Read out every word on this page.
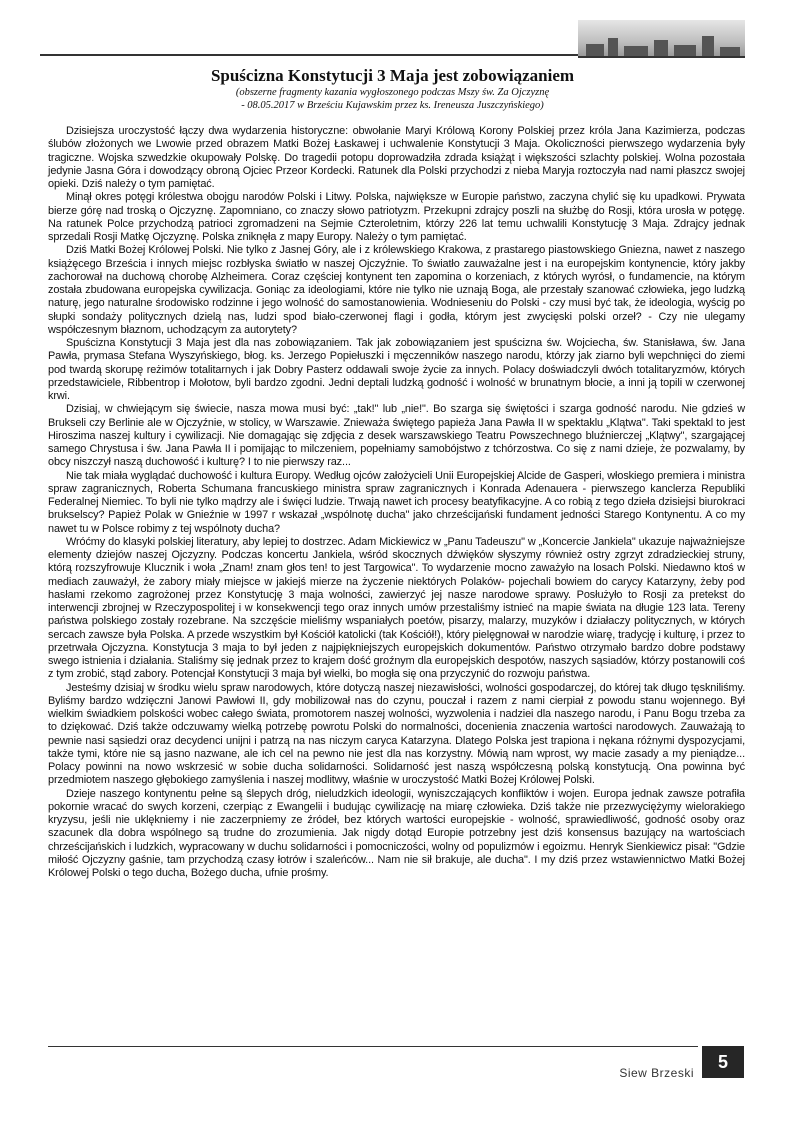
Spuścizna Konstytucji 3 Maja jest zobowiązaniem
(obszerne fragmenty kazania wygłoszonego podczas Mszy św. Za Ojczyznę
- 08.05.2017 w Brześciu Kujawskim przez ks. Ireneusza Juszczyńskiego)

Dzisiejsza uroczystość łączy dwa wydarzenia historyczne: obwołanie Maryi Królową Korony Polskiej przez króla Jana Kazimierza, podczas ślubów złożonych we Lwowie przed obrazem Matki Bożej Łaskawej i uchwalenie Konstytucji 3 Maja. Okoliczności pierwszego wydarzenia były tragiczne. Wojska szwedzkie okupowały Polskę. Do tragedii potopu doprowadziła zdrada książąt i większości szlachty polskiej. Wolna pozostała jedynie Jasna Góra i dowodzący obroną Ojciec Przeor Kordecki. Ratunek dla Polski przychodzi z nieba Maryja roztoczyła nad nami płaszcz swojej opieki. Dziś należy o tym pamiętać.

Minął okres potęgi królestwa obojgu narodów Polski i Litwy. Polska, największe w Europie państwo, zaczyna chylić się ku upadkowi. Prywata bierze górę nad troską o Ojczyznę. Zapomniano, co znaczy słowo patriotyzm. Przekupni zdrajcy poszli na służbę do Rosji, która urosła w potęgę. Na ratunek Polce przychodzą patrioci zgromadzeni na Sejmie Czteroletnim, którzy 226 lat temu uchwalili Konstytucję 3 Maja. Zdrajcy jednak sprzedali Rosji Matkę Ojczyznę. Polska zniknęła z mapy Europy. Należy o tym pamiętać.

Dziś Matki Bożej Królowej Polski. Nie tylko z Jasnej Góry, ale i z królewskiego Krakowa, z prastarego piastowskiego Gniezna, nawet z naszego książęcego Brześcia i innych miejsc rozbłyska światło w naszej Ojczyźnie. To światło zauważalne jest i na europejskim kontynencie, który jakby zachorował na duchową chorobę Alzheimera. Coraz częściej kontynent ten zapomina o korzeniach, z których wyrósł, o fundamencie, na którym została zbudowana europejska cywilizacja. Goniąc za ideologiami, które nie tylko nie uznają Boga, ale przestały szanować człowieka, jego ludzką naturę, jego naturalne środowisko rodzinne i jego wolność do samostanowienia. Wodnieseniu do Polski - czy musi być tak, że ideologia, wyścig po słupki sondaży politycznych dzielą nas, ludzi spod biało-czerwonej flagi i godła, którym jest zwycięski polski orzeł? - Czy nie ulegamy współczesnym błaznom, uchodzącym za autorytety?

Spuścizna Konstytucji 3 Maja jest dla nas zobowiązaniem. Tak jak zobowiązaniem jest spuścizna św. Wojciecha, św. Stanisława, św. Jana Pawła, prymasa Stefana Wyszyńskiego, błog. ks. Jerzego Popiełuszki i męczenników naszego narodu, którzy jak ziarno byli wepchnięci do ziemi pod twardą skorupę reżimów totalitarnych i jak Dobry Pasterz oddawali swoje życie za innych. Polacy doświadczyli dwóch totalitaryzmów, których przedstawiciele, Ribbentrop i Mołotow, byli bardzo zgodni. Jedni deptali ludzką godność i wolność w brunatnym błocie, a inni ją topili w czerwonej krwi.

Dzisiaj, w chwiejącym się świecie, nasza mowa musi być: „tak!" lub „nie!". Bo szarga się świętości i szarga godność narodu. Nie gdzieś w Brukseli czy Berlinie ale w Ojczyźnie, w stolicy, w Warszawie. Znieważa świętego papieża Jana Pawła II w spektaklu „Klątwa". Taki spektakl to jest Hiroszima naszej kultury i cywilizacji. Nie domagając się zdjęcia z desek warszawskiego Teatru Powszechnego bluźnierczej „Klątwy", szargającej samego Chrystusa i św. Jana Pawła II i pomijając to milczeniem, popełniamy samobójstwo z tchórzostwa. Co się z nami dzieje, że pozwalamy, by obcy niszczył naszą duchowość i kulturę? I to nie pierwszy raz...

Nie tak miała wyglądać duchowość i kultura Europy. Według ojców założycieli Unii Europejskiej Alcide de Gasperi, włoskiego premiera i ministra spraw zagranicznych, Roberta Schumana francuskiego ministra spraw zagranicznych i Konrada Adenauera - pierwszego kanclerza Republiki Federalnej Niemiec. To byli nie tylko mądrzy ale i święci ludzie. Trwają nawet ich procesy beatyfikacyjne. A co robią z tego dzieła dzisiejsi biurokraci brukselscy? Papież Polak w Gnieźnie w 1997 r wskazał „wspólnotę ducha" jako chrześcijański fundament jedności Starego Kontynentu. A co my nawet tu w Polsce robimy z tej wspólnoty ducha?

Wróćmy do klasyki polskiej literatury, aby lepiej to dostrzec. Adam Mickiewicz w „Panu Tadeuszu" w „Koncercie Jankiela" ukazuje najważniejsze elementy dziejów naszej Ojczyzny. Podczas koncertu Jankiela, wśród skocznych dźwięków słyszymy również ostry zgrzyt zdradzieckiej struny, którą rozszyfrowuje Klucznik i woła „Znam! znam głos ten! to jest Targowica". To wydarzenie mocno zaważyło na losach Polski. Niedawno ktoś w mediach zauważył, że zabory miały miejsce w jakiejś mierze na życzenie niektórych Polaków- pojechali bowiem do carycy Katarzyny, żeby pod hasłami rzekomo zagrożonej przez Konstytucję 3 maja wolności, zawierzyć jej nasze narodowe sprawy. Posłużyło to Rosji za pretekst do interwencji zbrojnej w Rzeczypospolitej i w konsekwencji tego oraz innych umów przestaliśmy istnieć na mapie świata na długie 123 lata. Tereny państwa polskiego zostały rozebrane. Na szczęście mieliśmy wspaniałych poetów, pisarzy, malarzy, muzyków i działaczy politycznych, w których sercach zawsze była Polska. A przede wszystkim był Kościół katolicki (tak Kościół!), który pielęgnował w narodzie wiarę, tradycję i kulturę, i przez to przetrwała Ojczyzna. Konstytucja 3 maja to był jeden z najpiękniejszych europejskich dokumentów. Państwo otrzymało bardzo dobre podstawy swego istnienia i działania. Staliśmy się jednak przez to krajem dość groźnym dla europejskich despotów, naszych sąsiadów, którzy postanowili coś z tym zrobić, stąd zabory. Potencjał Konstytucji 3 maja był wielki, bo mogła się ona przyczynić do rozwoju państwa.

Jesteśmy dzisiaj w środku wielu spraw narodowych, które dotyczą naszej niezawisłości, wolności gospodarczej, do której tak długo tęskniliśmy. Byliśmy bardzo wdzięczni Janowi Pawłowi II, gdy mobilizował nas do czynu, pouczał i razem z nami cierpiał z powodu stanu wojennego. Był wielkim świadkiem polskości wobec całego świata, promotorem naszej wolności, wyzwolenia i nadziei dla naszego narodu, i Panu Bogu trzeba za to dziękować. Dziś także odczuwamy wielką potrzebę powrotu Polski do normalności, docenienia znaczenia wartości narodowych. Zauważają to pewnie nasi sąsiedzi oraz decydenci unijni i patrzą na nas niczym caryca Katarzyna. Dlatego Polska jest trapiona i nękana różnymi dyspozycjami, także tymi, które nie są jasno nazwane, ale ich cel na pewno nie jest dla nas korzystny. Mówią nam wprost, wy macie zasady a my pieniądze... Polacy powinni na nowo wskrzesić w sobie ducha solidarności. Solidarność jest naszą współczesną polską konstytucją. Ona powinna być przedmiotem naszego głębokiego zamyślenia i naszej modlitwy, właśnie w uroczystość Matki Bożej Królowej Polski.

Dzieje naszego kontynentu pełne są ślepych dróg, nieludzkich ideologii, wyniszczających konfliktów i wojen. Europa jednak zawsze potrafiła pokornie wracać do swych korzeni, czerpiąc z Ewangelii i budując cywilizację na miarę człowieka. Dziś także nie przezwyciężymy wielorakiego kryzysu, jeśli nie uklękniemy i nie zaczerpniemy ze źródeł, bez których wartości europejskie - wolność, sprawiedliwość, godność osoby oraz szacunek dla dobra wspólnego są trudne do zrozumienia. Jak nigdy dotąd Europie potrzebny jest dziś konsensus bazujący na wartościach chrześcijańskich i ludzkich, wypracowany w duchu solidarności i pomocniczości, wolny od populizmów i egoizmu. Henryk Sienkiewicz pisał: "Gdzie miłość Ojczyzny gaśnie, tam przychodzą czasy łotrów i szaleńców... Nam nie sił brakuje, ale ducha". I my dziś przez wstawiennictwo Matki Bożej Królowej Polski o tego ducha, Bożego ducha, ufnie prośmy.

Siew Brzeski
5
